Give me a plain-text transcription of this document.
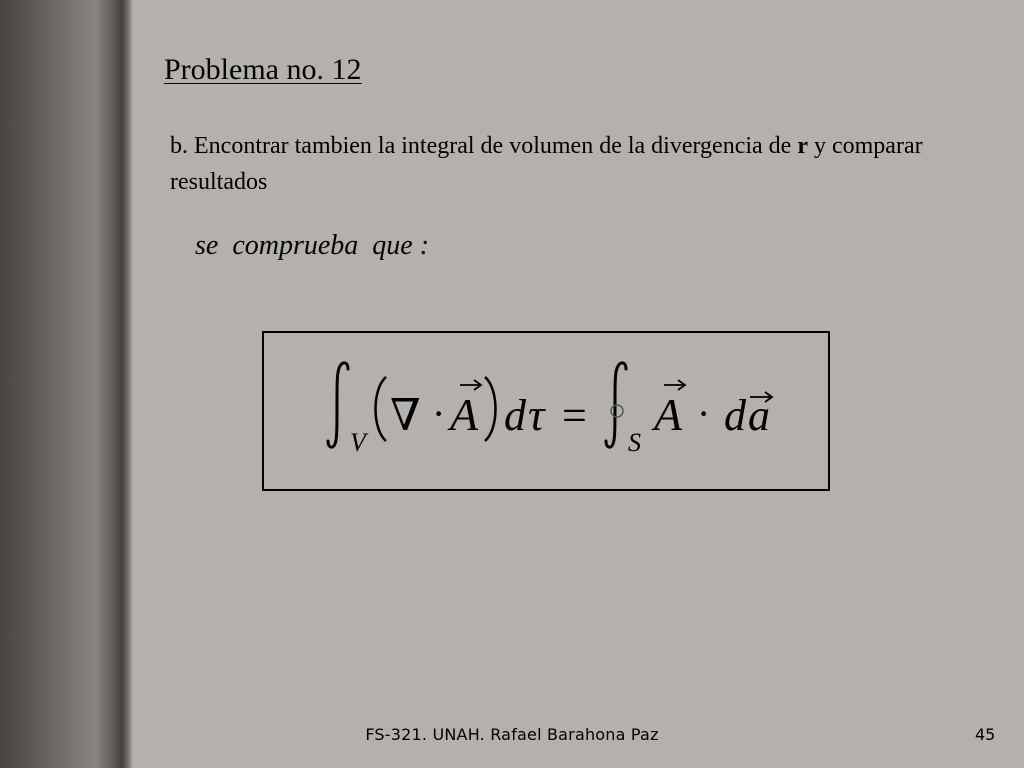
Problema no. 12
b. Encontrar tambien la integral de volumen de la divergencia de r y comparar resultados
se  comprueba  que :
V
∇ · A d τ =
S
A · d a
FS-321. UNAH. Rafael Barahona Paz	45
